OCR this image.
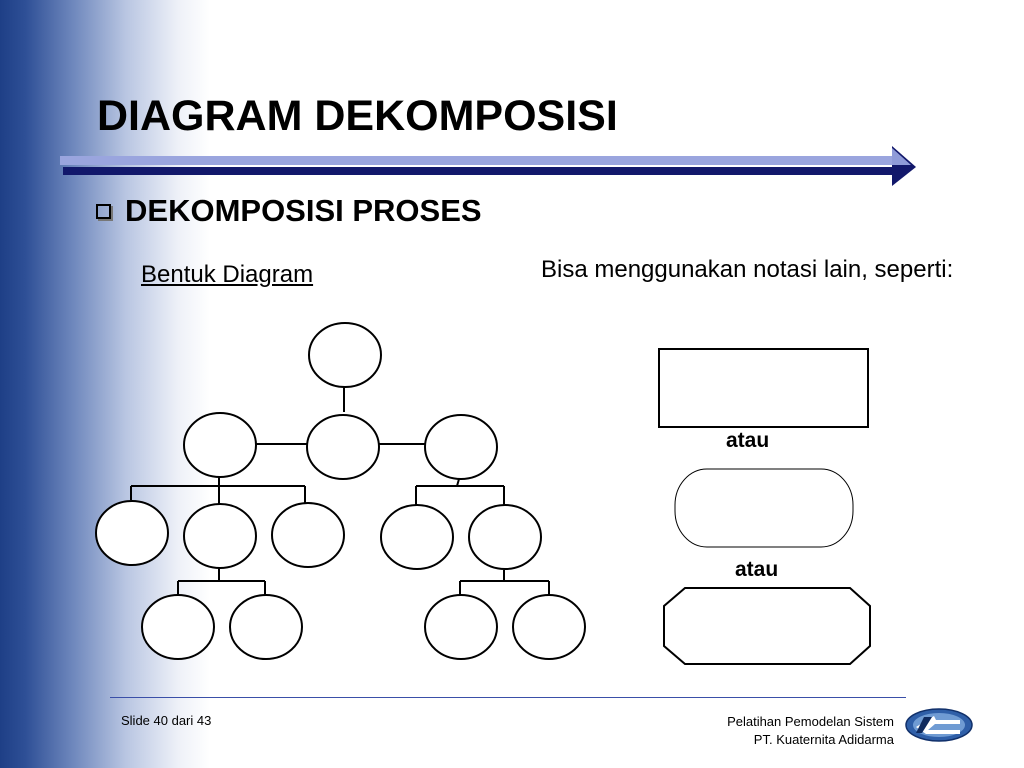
DIAGRAM DEKOMPOSISI
DEKOMPOSISI PROSES
Bentuk Diagram	Bisa menggunakan notasi lain, seperti:
atau
atau
Slide 40 dari 43	Pelatihan Pemodelan Sistem
PT. Kuaternita Adidarma
